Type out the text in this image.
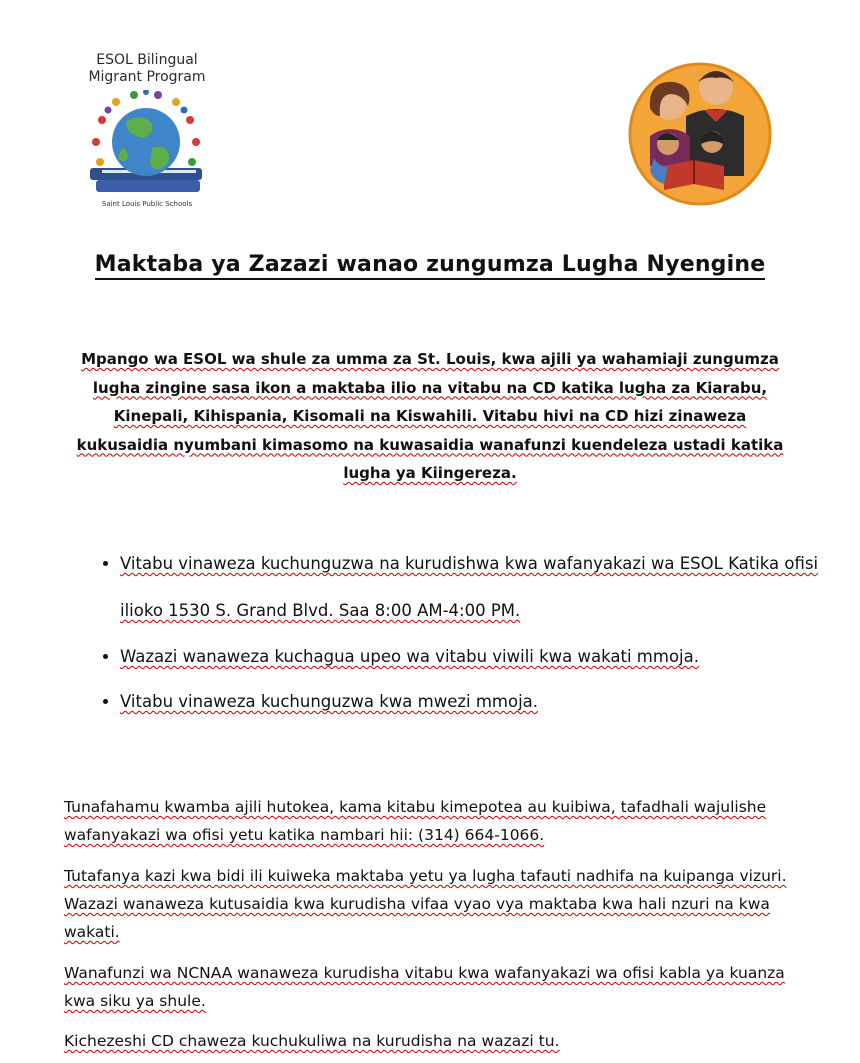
ESOL Bilingual Migrant Program
Saint Louis Public Schools
Maktaba ya Zazazi wanao zungumza Lugha Nyengine
Mpango wa ESOL wa shule za umma za St. Louis, kwa ajili ya wahamiaji zungumza lugha zingine sasa ikon a maktaba ilio na vitabu na CD katika lugha za Kiarabu, Kinepali, Kihispania, Kisomali na Kiswahili. Vitabu hivi na CD hizi zinaweza kukusaidia nyumbani kimasomo na kuwasaidia wanafunzi kuendeleza ustadi katika lugha ya Kiingereza.
• Vitabu vinaweza kuchunguzwa na kurudishwa kwa wafanyakazi wa ESOL Katika ofisi ilioko 1530 S. Grand Blvd. Saa 8:00 AM-4:00 PM.
• Wazazi wanaweza kuchagua upeo wa vitabu viwili kwa wakati mmoja.
• Vitabu vinaweza kuchunguzwa kwa mwezi mmoja.
Tunafahamu kwamba ajili hutokea, kama kitabu kimepotea au kuibiwa, tafadhali wajulishe wafanyakazi wa ofisi yetu katika nambari hii: (314) 664-1066.
Tutafanya kazi kwa bidi ili kuiweka maktaba yetu ya lugha tafauti nadhifa na kuipanga vizuri. Wazazi wanaweza kutusaidia kwa kurudisha vifaa vyao vya maktaba kwa hali nzuri na kwa wakati.
Wanafunzi wa NCNAA wanaweza kurudisha vitabu kwa wafanyakazi wa ofisi kabla ya kuanza kwa siku ya shule.
Kichezeshi CD chaweza kuchukuliwa na kurudisha na wazazi tu.
